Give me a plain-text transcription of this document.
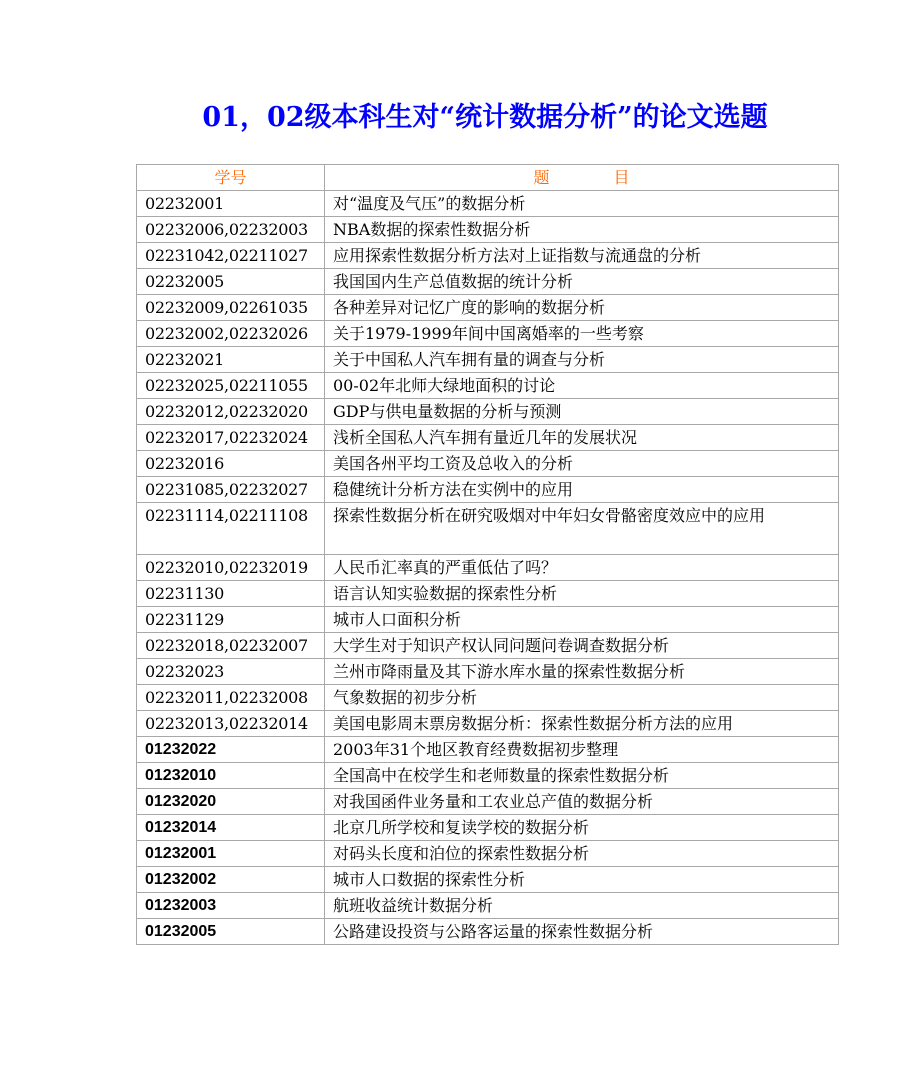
01，02级本科生对“统计数据分析”的论文选题
学号	题　　　　目
02232001	对“温度及气压”的数据分析
02232006,02232003	NBA数据的探索性数据分析
02231042,02211027	应用探索性数据分析方法对上证指数与流通盘的分析
02232005	我国国内生产总值数据的统计分析
02232009,02261035	各种差异对记忆广度的影响的数据分析
02232002,02232026	关于1979-1999年间中国离婚率的一些考察
02232021	关于中国私人汽车拥有量的调查与分析
02232025,02211055	00-02年北师大绿地面积的讨论
02232012,02232020	GDP与供电量数据的分析与预测
02232017,02232024	浅析全国私人汽车拥有量近几年的发展状况
02232016	美国各州平均工资及总收入的分析
02231085,02232027	稳健统计分析方法在实例中的应用
02231114,02211108	探索性数据分析在研究吸烟对中年妇女骨骼密度效应中的应用
02232010,02232019	人民币汇率真的严重低估了吗？
02231130	语言认知实验数据的探索性分析
02231129	城市人口面积分析
02232018,02232007	大学生对于知识产权认同问题问卷调查数据分析
02232023	兰州市降雨量及其下游水库水量的探索性数据分析
02232011,02232008	气象数据的初步分析
02232013,02232014	美国电影周末票房数据分析：探索性数据分析方法的应用
01232022	2003年31个地区教育经费数据初步整理
01232010	全国高中在校学生和老师数量的探索性数据分析
01232020	对我国函件业务量和工农业总产值的数据分析
01232014	北京几所学校和复读学校的数据分析
01232001	对码头长度和泊位的探索性数据分析
01232002	城市人口数据的探索性分析
01232003	航班收益统计数据分析
01232005	公路建设投资与公路客运量的探索性数据分析
